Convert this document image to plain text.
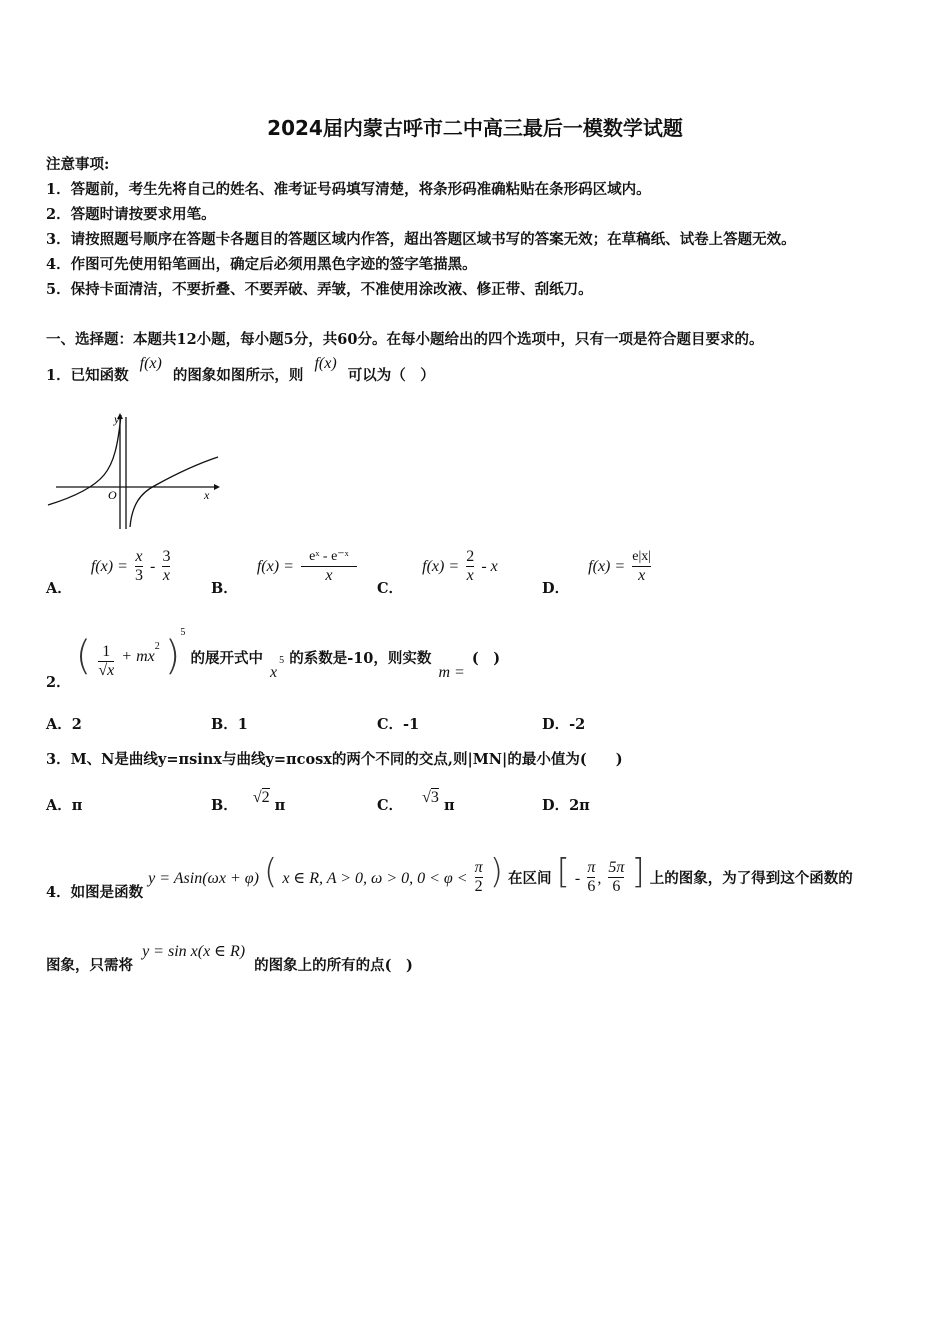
2024届内蒙古呼市二中高三最后一模数学试题
注意事项:
1．答题前，考生先将自己的姓名、准考证号码填写清楚，将条形码准确粘贴在条形码区域内。
2．答题时请按要求用笔。
3．请按照题号顺序在答题卡各题目的答题区域内作答，超出答题区域书写的答案无效；在草稿纸、试卷上答题无效。
4．作图可先使用铅笔画出，确定后必须用黑色字迹的签字笔描黑。
5．保持卡面清洁，不要折叠、不要弄破、弄皱，不准使用涂改液、修正带、刮纸刀。
一、选择题：本题共12小题，每小题5分，共60分。在每小题给出的四个选项中，只有一项是符合题目要求的。
1．已知函数 f(x) 的图象如图所示，则 f(x) 可以为（　）
y
x
O
A． $f(x) = \frac{x}{3} - \frac{3}{x}$
B． $f(x) = \frac{\text{eˣ - e⁻ˣ}}{x}$
C． $f(x) = \frac{2}{x} - x$
D． $f(x) = \frac{e|x|}{x}$
2． ( $\frac{1}{√x} + mx^2$ )$^5$ 的展开式中 $x^5$ 的系数是-10，则实数 m = (　)
A．2	B．1	C．-1	D．-2
3．M、N是曲线y=πsinx与曲线y=πcosx的两个不同的交点,则|MN|的最小值为(　　)
A．π	B． √2 π	C． √3 π	D．2π
4．如图是函数 y = Asin(ωx + φ) ( x ∈ R, A > 0, ω > 0, $0 < \varphi < \frac{\pi}{2}$ ) 在区间 [ - $\frac{\pi}{6}$ , $\frac{5\pi}{6}$ ] 上的图象，为了得到这个函数的
图象，只需将 y = sin x(x ∈ R) 的图象上的所有的点(　)
